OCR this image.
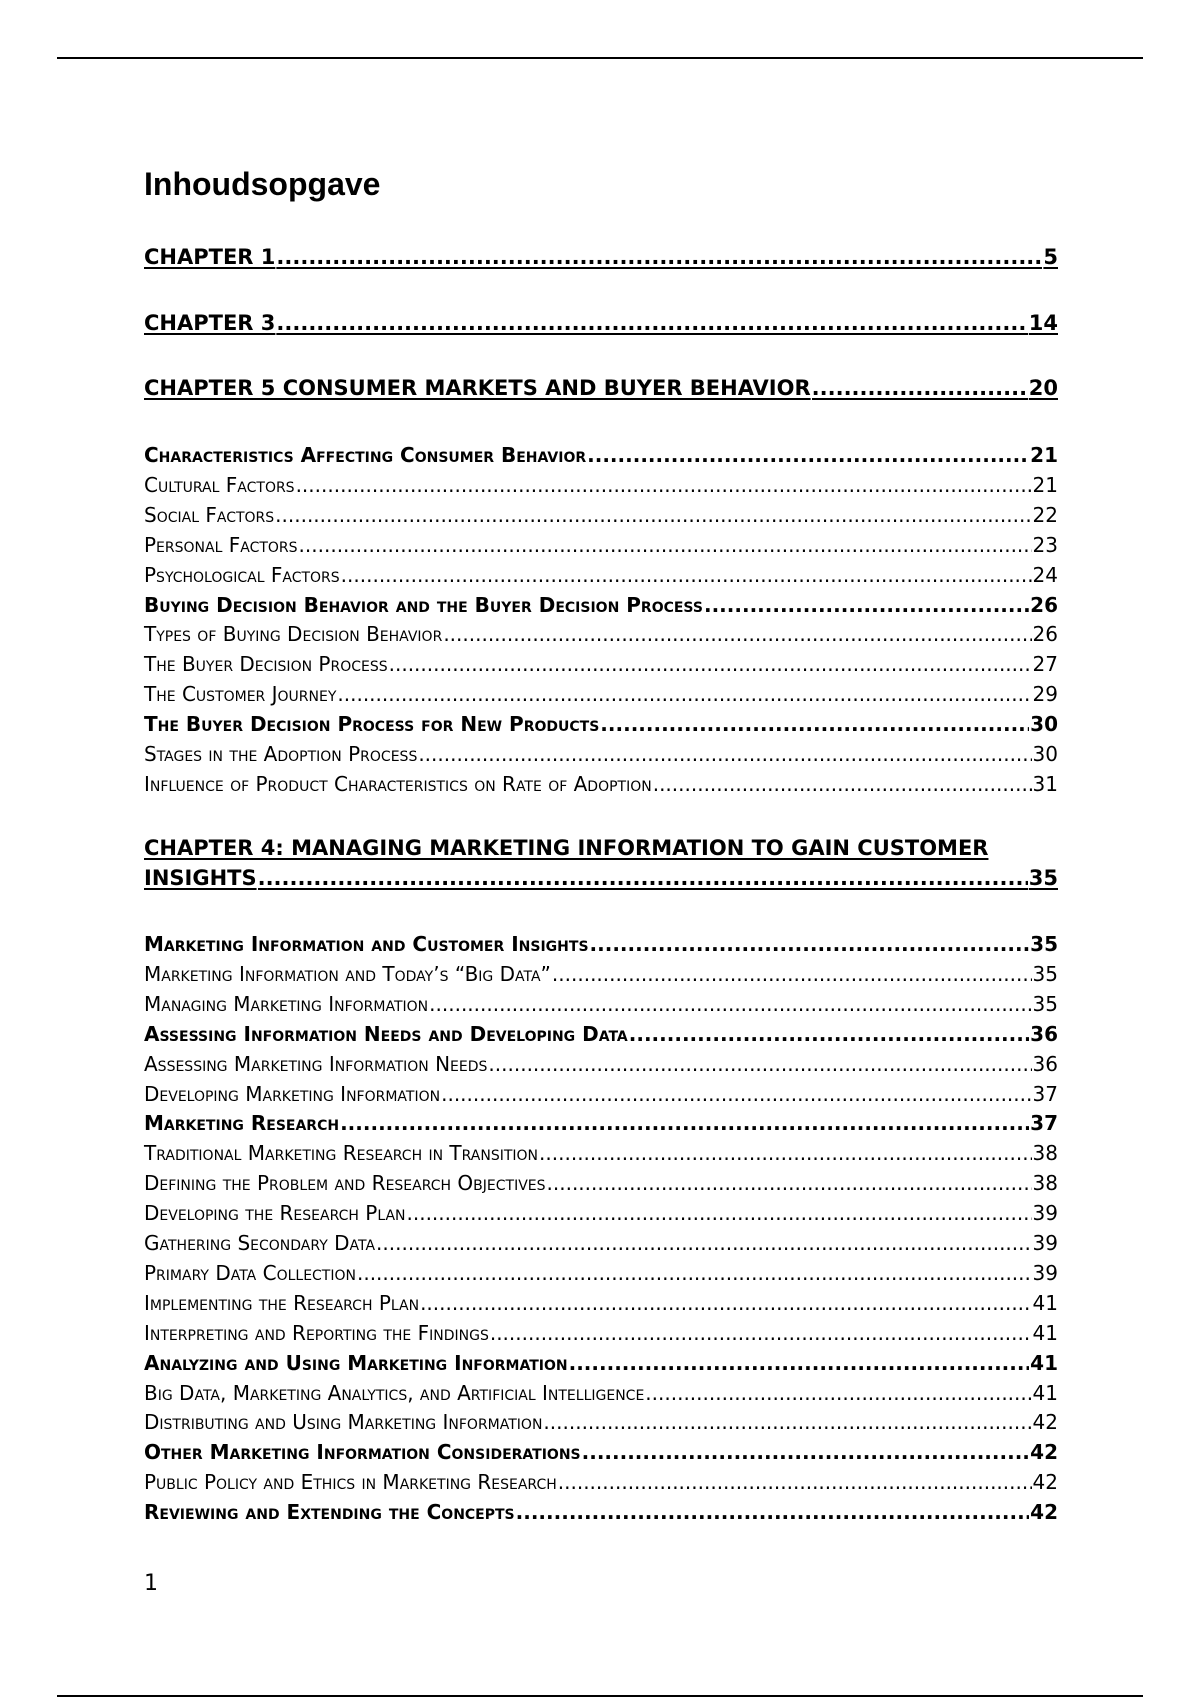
Inhoudsopgave
CHAPTER 1 .....	5
CHAPTER 3 .....	14
CHAPTER 5 CONSUMER MARKETS AND BUYER BEHAVIOR .....	20
Characteristics Affecting Consumer Behavior .....	21
Cultural Factors .....	21
Social Factors .....	22
Personal Factors .....	23
Psychological Factors .....	24
Buying Decision Behavior and the Buyer Decision Process .....	26
Types of Buying Decision Behavior .....	26
The Buyer Decision Process .....	27
The Customer Journey .....	29
The Buyer Decision Process for New Products .....	30
Stages in the Adoption Process .....	30
Influence of Product Characteristics on Rate of Adoption .....	31
CHAPTER 4: MANAGING MARKETING INFORMATION TO GAIN CUSTOMER
INSIGHTS .....	35
Marketing Information and Customer Insights .....	35
Marketing Information and Today’s “Big Data” .....	35
Managing Marketing Information .....	35
Assessing Information Needs and Developing Data .....	36
Assessing Marketing Information Needs .....	36
Developing Marketing Information .....	37
Marketing Research .....	37
Traditional Marketing Research in Transition .....	38
Defining the Problem and Research Objectives .....	38
Developing the Research Plan .....	39
Gathering Secondary Data .....	39
Primary Data Collection .....	39
Implementing the Research Plan .....	41
Interpreting and Reporting the Findings .....	41
Analyzing and Using Marketing Information .....	41
Big Data, Marketing Analytics, and Artificial Intelligence .....	41
Distributing and Using Marketing Information .....	42
Other Marketing Information Considerations .....	42
Public Policy and Ethics in Marketing Research .....	42
Reviewing and Extending the Concepts .....	42
1
